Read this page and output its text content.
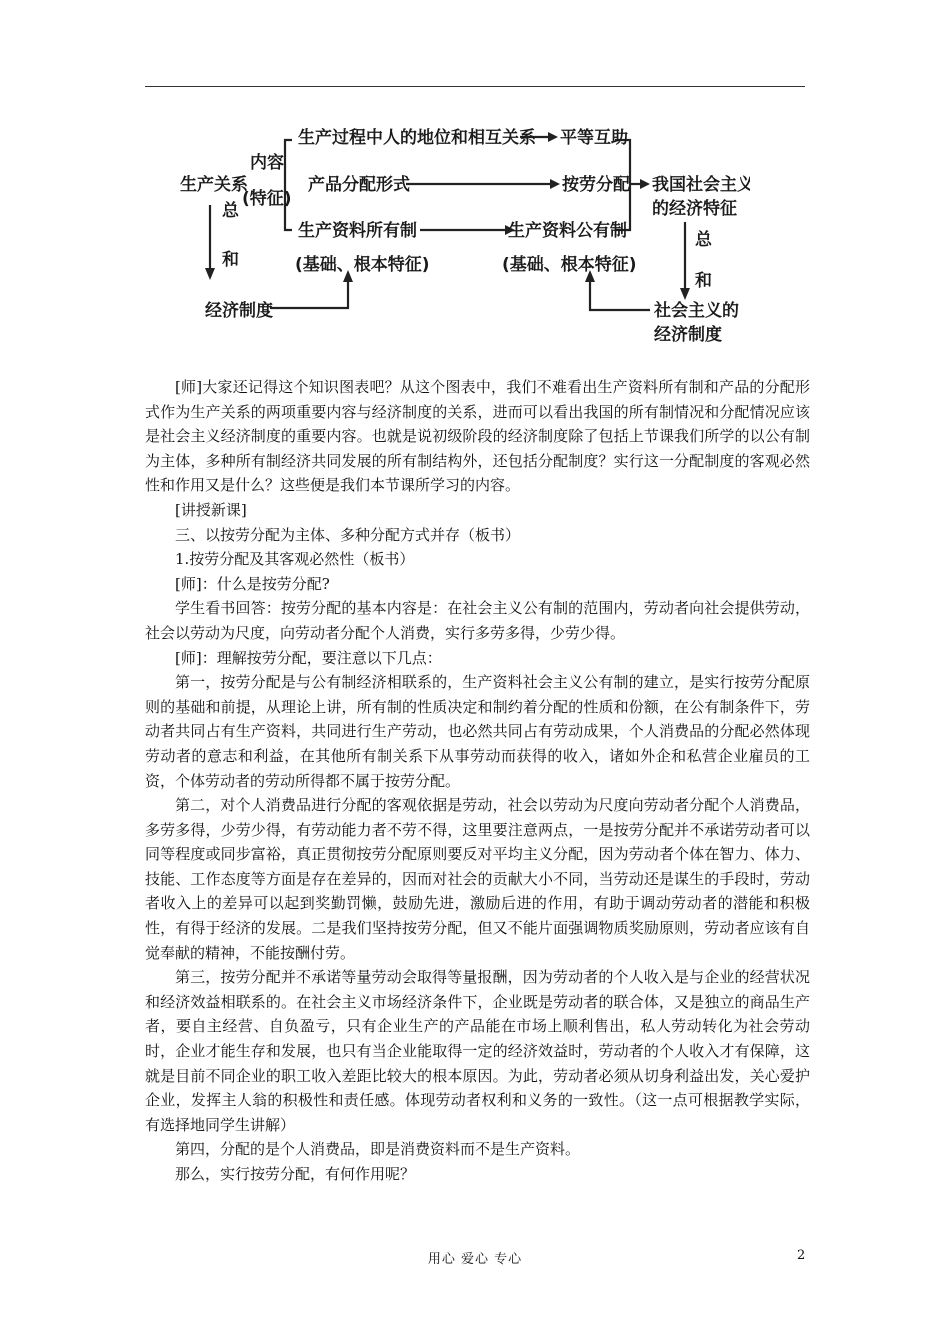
生产关系
内容
(特征)
总
和
经济制度
生产过程中人的地位和相互关系 平等互助
产品分配形式	按劳分配
生产资料所有制
(基础、根本特征)
生产资料公有制
(基础、根本特征)
我国社会主义
的经济特征
总
和
社会主义的
经济制度

[师]大家还记得这个知识图表吧？从这个图表中，我们不难看出生产资料所有制和产品的分配形式作为生产关系的两项重要内容与经济制度的关系，进而可以看出我国的所有制情况和分配情况应该是社会主义经济制度的重要内容。也就是说初级阶段的经济制度除了包括上节课我们所学的以公有制为主体，多种所有制经济共同发展的所有制结构外，还包括分配制度？实行这一分配制度的客观必然性和作用又是什么？这些便是我们本节课所学习的内容。

[讲授新课]

三、以按劳分配为主体、多种分配方式并存（板书）

1.按劳分配及其客观必然性（板书）

[师]：什么是按劳分配?

学生看书回答：按劳分配的基本内容是：在社会主义公有制的范围内，劳动者向社会提供劳动，社会以劳动为尺度，向劳动者分配个人消费，实行多劳多得，少劳少得。

[师]：理解按劳分配，要注意以下几点：

第一，按劳分配是与公有制经济相联系的，生产资料社会主义公有制的建立，是实行按劳分配原则的基础和前提，从理论上讲，所有制的性质决定和制约着分配的性质和份额，在公有制条件下，劳动者共同占有生产资料，共同进行生产劳动，也必然共同占有劳动成果，个人消费品的分配必然体现劳动者的意志和利益，在其他所有制关系下从事劳动而获得的收入，诸如外企和私营企业雇员的工资，个体劳动者的劳动所得都不属于按劳分配。

第二，对个人消费品进行分配的客观依据是劳动，社会以劳动为尺度向劳动者分配个人消费品，多劳多得，少劳少得，有劳动能力者不劳不得，这里要注意两点，一是按劳分配并不承诺劳动者可以同等程度或同步富裕，真正贯彻按劳分配原则要反对平均主义分配，因为劳动者个体在智力、体力、技能、工作态度等方面是存在差异的，因而对社会的贡献大小不同，当劳动还是谋生的手段时，劳动者收入上的差异可以起到奖勤罚懒，鼓励先进，激励后进的作用，有助于调动劳动者的潜能和积极性，有得于经济的发展。二是我们坚持按劳分配，但又不能片面强调物质奖励原则，劳动者应该有自觉奉献的精神，不能按酬付劳。

第三，按劳分配并不承诺等量劳动会取得等量报酬，因为劳动者的个人收入是与企业的经营状况和经济效益相联系的。在社会主义市场经济条件下，企业既是劳动者的联合体，又是独立的商品生产者，要自主经营、自负盈亏，只有企业生产的产品能在市场上顺利售出，私人劳动转化为社会劳动时，企业才能生存和发展，也只有当企业能取得一定的经济效益时，劳动者的个人收入才有保障，这就是目前不同企业的职工收入差距比较大的根本原因。为此，劳动者必须从切身利益出发，关心爱护企业，发挥主人翁的积极性和责任感。体现劳动者权利和义务的一致性。（这一点可根据教学实际，有选择地同学生讲解）

第四，分配的是个人消费品，即是消费资料而不是生产资料。

那么，实行按劳分配，有何作用呢？

用心 爱心 专心	2
